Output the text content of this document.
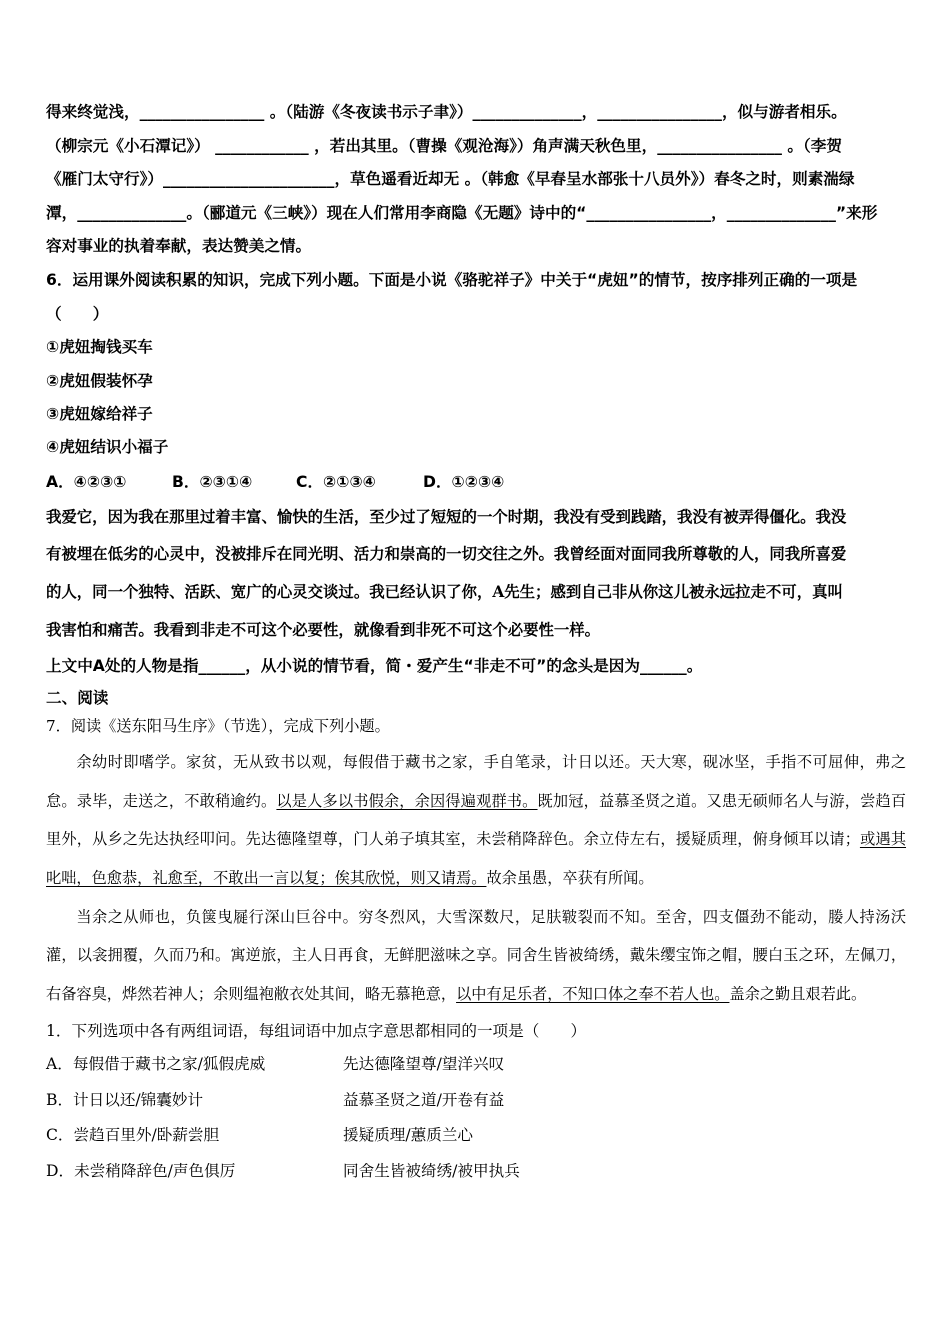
得来终觉浅，________________ 。（陆游《冬夜读书示子聿》）______________，________________，似与游者相乐。

（柳宗元《小石潭记》） ____________ ，若出其里。（曹操《观沧海》）角声满天秋色里，________________ 。（李贺

《雁门太守行》）______________________，草色遥看近却无 。（韩愈《早春呈水部张十八员外》）春冬之时，则素湍绿

潭，______________。（郦道元《三峡》）现在人们常用李商隐《无题》诗中的“________________，______________”来形

容对事业的执着奉献，表达赞美之情。

6．运用课外阅读积累的知识，完成下列小题。下面是小说《骆驼祥子》中关于“虎妞”的情节，按序排列正确的一项是

（　　）

①虎妞掏钱买车

②虎妞假装怀孕

③虎妞嫁给祥子

④虎妞结识小福子

A．④②③①	B．②③①④	C．②①③④	D．①②③④

我爱它，因为我在那里过着丰富、愉快的生活，至少过了短短的一个时期，我没有受到践踏，我没有被弄得僵化。我没

有被埋在低劣的心灵中，没被排斥在同光明、活力和崇高的一切交往之外。我曾经面对面同我所尊敬的人，同我所喜爱

的人，同一个独特、活跃、宽广的心灵交谈过。我已经认识了你，A先生；感到自己非从你这儿被永远拉走不可，真叫

我害怕和痛苦。我看到非走不可这个必要性，就像看到非死不可这个必要性一样。

上文中A处的人物是指______，从小说的情节看，简・爱产生“非走不可”的念头是因为______。

二、阅读

7．阅读《送东阳马生序》（节选），完成下列小题。

余幼时即嗜学。家贫，无从致书以观，每假借于藏书之家，手自笔录，计日以还。天大寒，砚冰坚，手指不可屈伸，弗之怠。录毕，走送之，不敢稍逾约。以是人多以书假余，余因得遍观群书。既加冠，益慕圣贤之道。又患无硕师名人与游，尝趋百里外，从乡之先达执经叩问。先达德隆望尊，门人弟子填其室，未尝稍降辞色。余立侍左右，援疑质理，俯身倾耳以请；或遇其叱咄，色愈恭，礼愈至，不敢出一言以复；俟其欣悦，则又请焉。故余虽愚，卒获有所闻。

当余之从师也，负箧曳屣行深山巨谷中。穷冬烈风，大雪深数尺，足肤皲裂而不知。至舍，四支僵劲不能动，媵人持汤沃灌，以衾拥覆，久而乃和。寓逆旅，主人日再食，无鲜肥滋味之享。同舍生皆被绮绣，戴朱缨宝饰之帽，腰白玉之环，左佩刀，右备容臭，烨然若神人；余则缊袍敝衣处其间，略无慕艳意，以中有足乐者，不知口体之奉不若人也。盖余之勤且艰若此。

1．下列选项中各有两组词语，每组词语中加点字意思都相同的一项是（　　）

A．每假借于藏书之家/狐假虎威	先达德隆望尊/望洋兴叹
B．计日以还/锦囊妙计	益慕圣贤之道/开卷有益
C．尝趋百里外/卧薪尝胆	援疑质理/蕙质兰心
D．未尝稍降辞色/声色俱厉	同舍生皆被绮绣/被甲执兵
